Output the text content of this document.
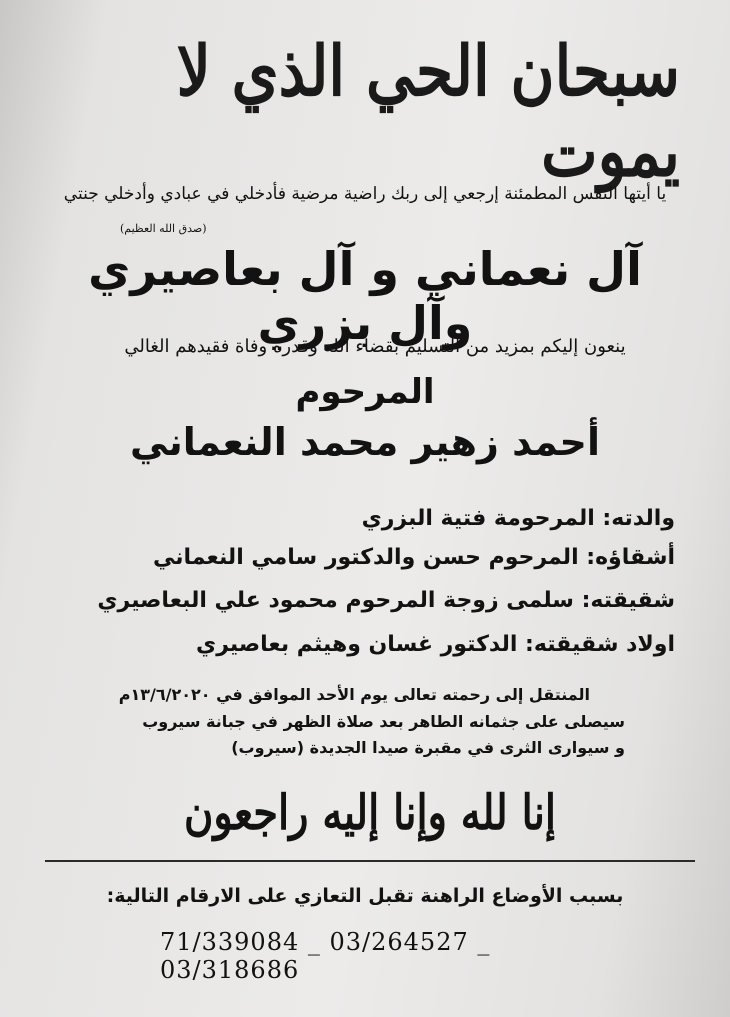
سبحان الحي الذي لا يموت
يا أيتها النفس المطمئنة إرجعي إلى ربك راضية مرضية فأدخلي في عبادي وأدخلي جنتي
(صدق الله العظيم)
آل نعماني و آل بعاصيري وآل بزري
ينعون إليكم بمزيد من التسليم بقضاء الله وقدره وفاة فقيدهم الغالي
المرحوم
أحمد زهير محمد النعماني
والدته: المرحومة فتية البزري
أشقاؤه: المرحوم حسن والدكتور سامي النعماني
شقيقته: سلمى زوجة المرحوم محمود علي البعاصيري
اولاد شقيقته: الدكتور غسان وهيثم بعاصيري
المنتقل إلى رحمته تعالى يوم الأحد الموافق في ١٣/٦/٢٠٢٠م
سيصلى على جثمانه الطاهر بعد صلاة الظهر في جبانة سيروب
و سيوارى الثرى في مقبرة صيدا الجديدة (سيروب)
إنا لله وإنا إليه راجعون
بسبب الأوضاع الراهنة تقبل التعازي على الارقام التالية:
71/339084 _ 03/264527 _ 03/318686
